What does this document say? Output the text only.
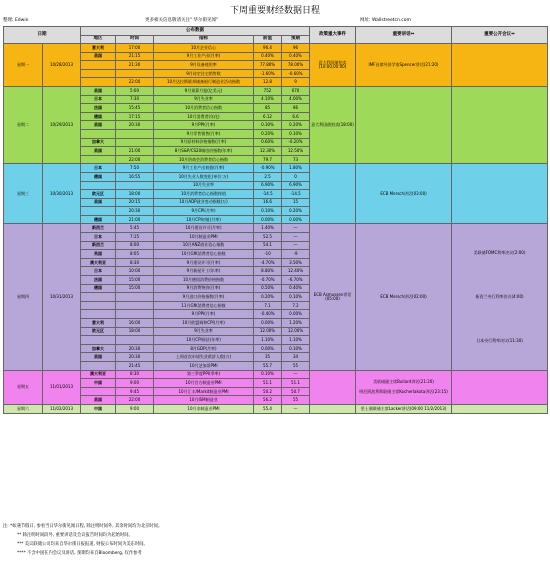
下周重要财经数据日程
整理: Edwin	更多相关信息敬请关注" 华尔街见闻"	网址: Wallstreetcn.com
日期		公布数据					政策重大事件	重要讲话⇔	重要公开会议⇔
		地区	时间	指标	前值	预期			
星期一	10/28/2013	意大利	17:00	10月企业信心	96.4	96	意大利国债拍卖(10:00,00:00)	IMF首席经济学家Spencer讲话(21:20)	
		美国	21:15	9月工业产出(月率)	0.40%	0.40%			
			21:30	9月设备使用率	77.80%	78.00%			
				9月待定住宅销售数	-1.60%	-0.60%			
			22:00	10月达拉斯联邦储备银行制造业活动指数	12.8	9			
星期二	10/29/2013	美国	5:00	9月预算月报(亿美元)	752	670	意大利国债拍卖(18:00)		
		日本	7:30	9月失业率	4.10%	4.00%			
		法国	15:45	10月消费者信心指数	85	86			
		德国	17:15	10月消费者(年化)	6.12	6.6			
		美国	20:30	9月PPI(月率)	0.30%	0.20%			
				9月零售销售(月率)	0.20%	0.10%			
		加拿大		9月原材料价格指数(月率)	0.60%	-0.20%			
		美国	21:00	8月S&P/CS20城房价指数(年率)	12.30%	12.50%			
			22:00	10月谘商会消费者信心指数	79.7	73			
星期三	10/30/2013	日本	7:50	9月工业产出初值(月率)	-0.90%	1.80%		ECB Mersch讲话(03:00)	
		德国	16:55	10月失业人数变化(单位:万)	2.5	0			
				10月失业率	6.90%	6.90%			
		欧元区	18:00	10月消费者信心指数终值	-14.5	-14.5			
		美国	20:15	10月ADP就业变动指数(万)	16.6	15			
			20:30	9月CPI(月率)	0.10%	0.20%			
		德国	21:00	10月CPI初值(月率)	0.00%	0.00%			
星期四	10/31/2013	新西兰	5:45	10月建设许可(月率)	1.40%	—	ECB Asmussen讲话(05:00)	ECB Mersch讲话(02:00)	美联储FOMC利率决议(2:00)
新西兰央行利率决议(4:00)
日本央行利率决议(11:30)

		日本	7:15	10月制造业PMI	52.5	—			
		新西兰	8:00	10月ANZ商业信心指数	54.1	—			
		英国	8:05	10月GfK消费者信心指数	-10	-9			
		澳大利亚	8:30	9月建设许可(月率)	-4.70%	3.50%			
		日本	10:00	9月新屋开工(年率)	8.80%	12.40%			
		法国	15:00	10月德国消费价格指数	-0.70%	-6.70%			
		德国	15:00	9月消费物价(月率)	0.50%	0.40%			
				9月进口价格指数(月率)	0.20%	0.10%			
				11月GfK消费者信心指数	7.1	7.2			
				9月PPI(月率)	-0.40%	0.00%			
		意大利	16:00	10月欧盟调和CPI(月率)	0.00%	1.20%			
		欧元区	18:00	9月失业率	12.00%	12.00%			
				10月CPI预估(年率)	1.10%	1.10%			
		加拿大	20:30	8月GDP(月率)	0.00%	0.10%			
		美国	20:30	上周首次申请失业救济人数(万)	35	34			
			21:45	10月芝加哥PMI	55.7	55			
星期五	11/01/2013	澳大利亚	8:30	第三季度PPI(季率)	0.10%	—		美联储副主席Bullard讲话(21:20)
明尼阿波利斯联储主席Kocherlakota讲话(23:15)	

		中国	9:00	10月官方制造业PMI	51.1	51.1			
			9:45	10月汇丰/Markit制造业PMI	50.2	50.7			
		美国	22:00	10月ISM制造业	56.2	55			
星期六	11/02/2013	中国	9:00	10月非制造业PMI	55.4	—		里士满联储主席Lacker讲话(09:00 11/2/2013)	
注: *如遇节假日, 参看当日华尔街见闻日程, 除注明时间外, 其余时间均为北京时间。
** 除注明时间段外, 重要讲话及会议报告时间均为起始时间。
*** 美议联储公司均来自华尔街日报报道, 财报公布时间为美东时间。
**** 不含中国在内会议及讲话, 预期均来自Bloomberg, 仅作参考
